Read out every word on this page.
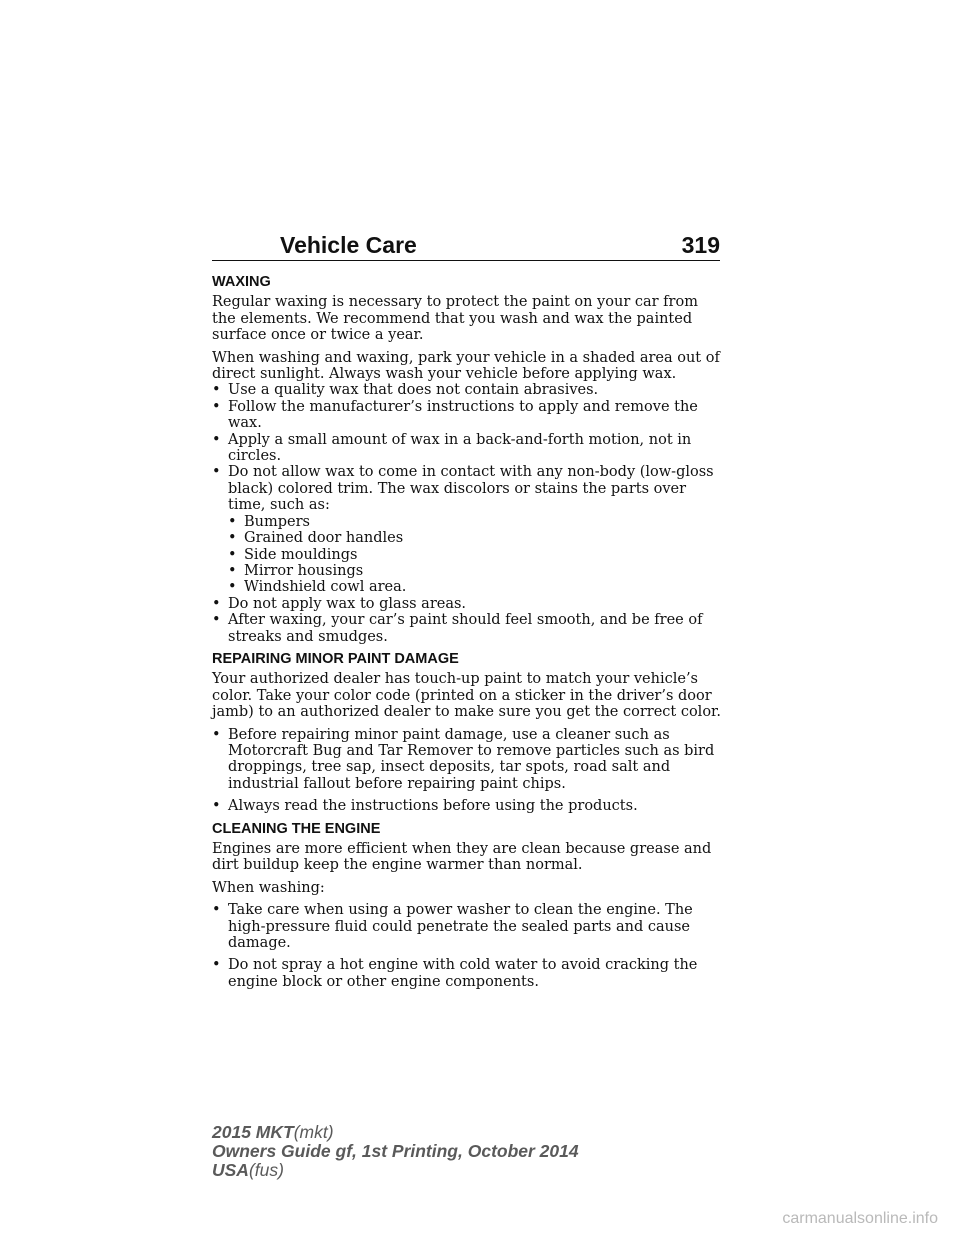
Vehicle Care	319
WAXING

Regular waxing is necessary to protect the paint on your car from the elements. We recommend that you wash and wax the painted surface once or twice a year.

When washing and waxing, park your vehicle in a shaded area out of direct sunlight. Always wash your vehicle before applying wax.

• Use a quality wax that does not contain abrasives.
• Follow the manufacturer’s instructions to apply and remove the wax.
• Apply a small amount of wax in a back-and-forth motion, not in circles.
• Do not allow wax to come in contact with any non-body (low-gloss black) colored trim. The wax discolors or stains the parts over time, such as:
• Bumpers
• Grained door handles
• Side mouldings
• Mirror housings
• Windshield cowl area.
• Do not apply wax to glass areas.
• After waxing, your car’s paint should feel smooth, and be free of streaks and smudges.
REPAIRING MINOR PAINT DAMAGE

Your authorized dealer has touch-up paint to match your vehicle’s color. Take your color code (printed on a sticker in the driver’s door jamb) to an authorized dealer to make sure you get the correct color.

• Before repairing minor paint damage, use a cleaner such as Motorcraft Bug and Tar Remover to remove particles such as bird droppings, tree sap, insect deposits, tar spots, road salt and industrial fallout before repairing paint chips.
• Always read the instructions before using the products.
CLEANING THE ENGINE

Engines are more efficient when they are clean because grease and dirt buildup keep the engine warmer than normal.

When washing:

• Take care when using a power washer to clean the engine. The high-pressure fluid could penetrate the sealed parts and cause damage.
• Do not spray a hot engine with cold water to avoid cracking the engine block or other engine components.
2015 MKT(mkt)
Owners Guide gf, 1st Printing, October 2014
USA(fus)
carmanualsonline.info
